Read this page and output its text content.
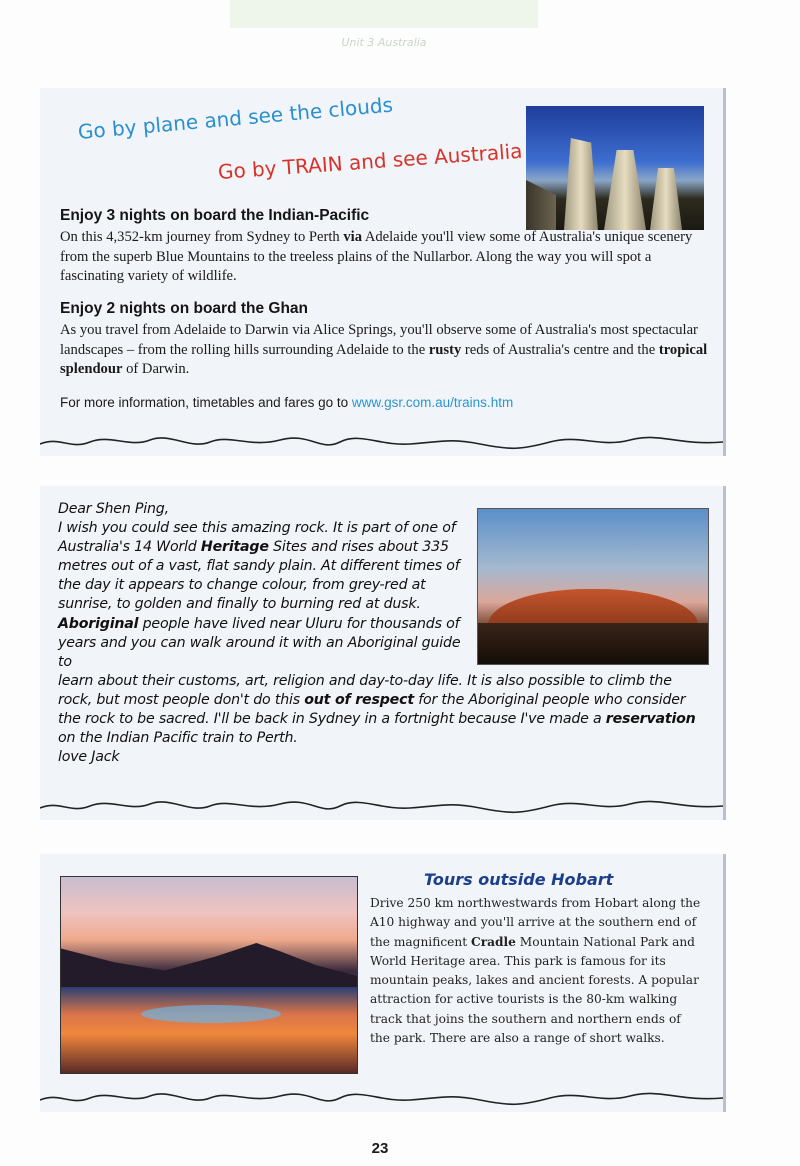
Unit 3 Australia
Go by plane and see the clouds
Go by TRAIN and see Australia
Enjoy 3 nights on board the Indian-Pacific
On this 4,352-km journey from Sydney to Perth via Adelaide you'll view some of Australia's unique scenery from the superb Blue Mountains to the treeless plains of the Nullarbor. Along the way you will spot a fascinating variety of wildlife.
Enjoy 2 nights on board the Ghan
As you travel from Adelaide to Darwin via Alice Springs, you'll observe some of Australia's most spectacular landscapes – from the rolling hills surrounding Adelaide to the rusty reds of Australia's centre and the tropical splendour of Darwin.
For more information, timetables and fares go to www.gsr.com.au/trains.htm

Dear Shen Ping,

I wish you could see this amazing rock. It is part of one of Australia's 14 World Heritage Sites and rises about 335 metres out of a vast, flat sandy plain. At different times of the day it appears to change colour, from grey-red at sunrise, to golden and finally to burning red at dusk. Aboriginal people have lived near Uluru for thousands of years and you can walk around it with an Aboriginal guide to

learn about their customs, art, religion and day-to-day life. It is also possible to climb the rock, but most people don't do this out of respect for the Aboriginal people who consider the rock to be sacred. I'll be back in Sydney in a fortnight because I've made a reservation on the Indian Pacific train to Perth.

love Jack

Tours outside Hobart
Drive 250 km northwestwards from Hobart along the A10 highway and you'll arrive at the southern end of the magnificent Cradle Mountain National Park and World Heritage area. This park is famous for its mountain peaks, lakes and ancient forests. A popular attraction for active tourists is the 80-km walking track that joins the southern and northern ends of the park. There are also a range of short walks.
23
